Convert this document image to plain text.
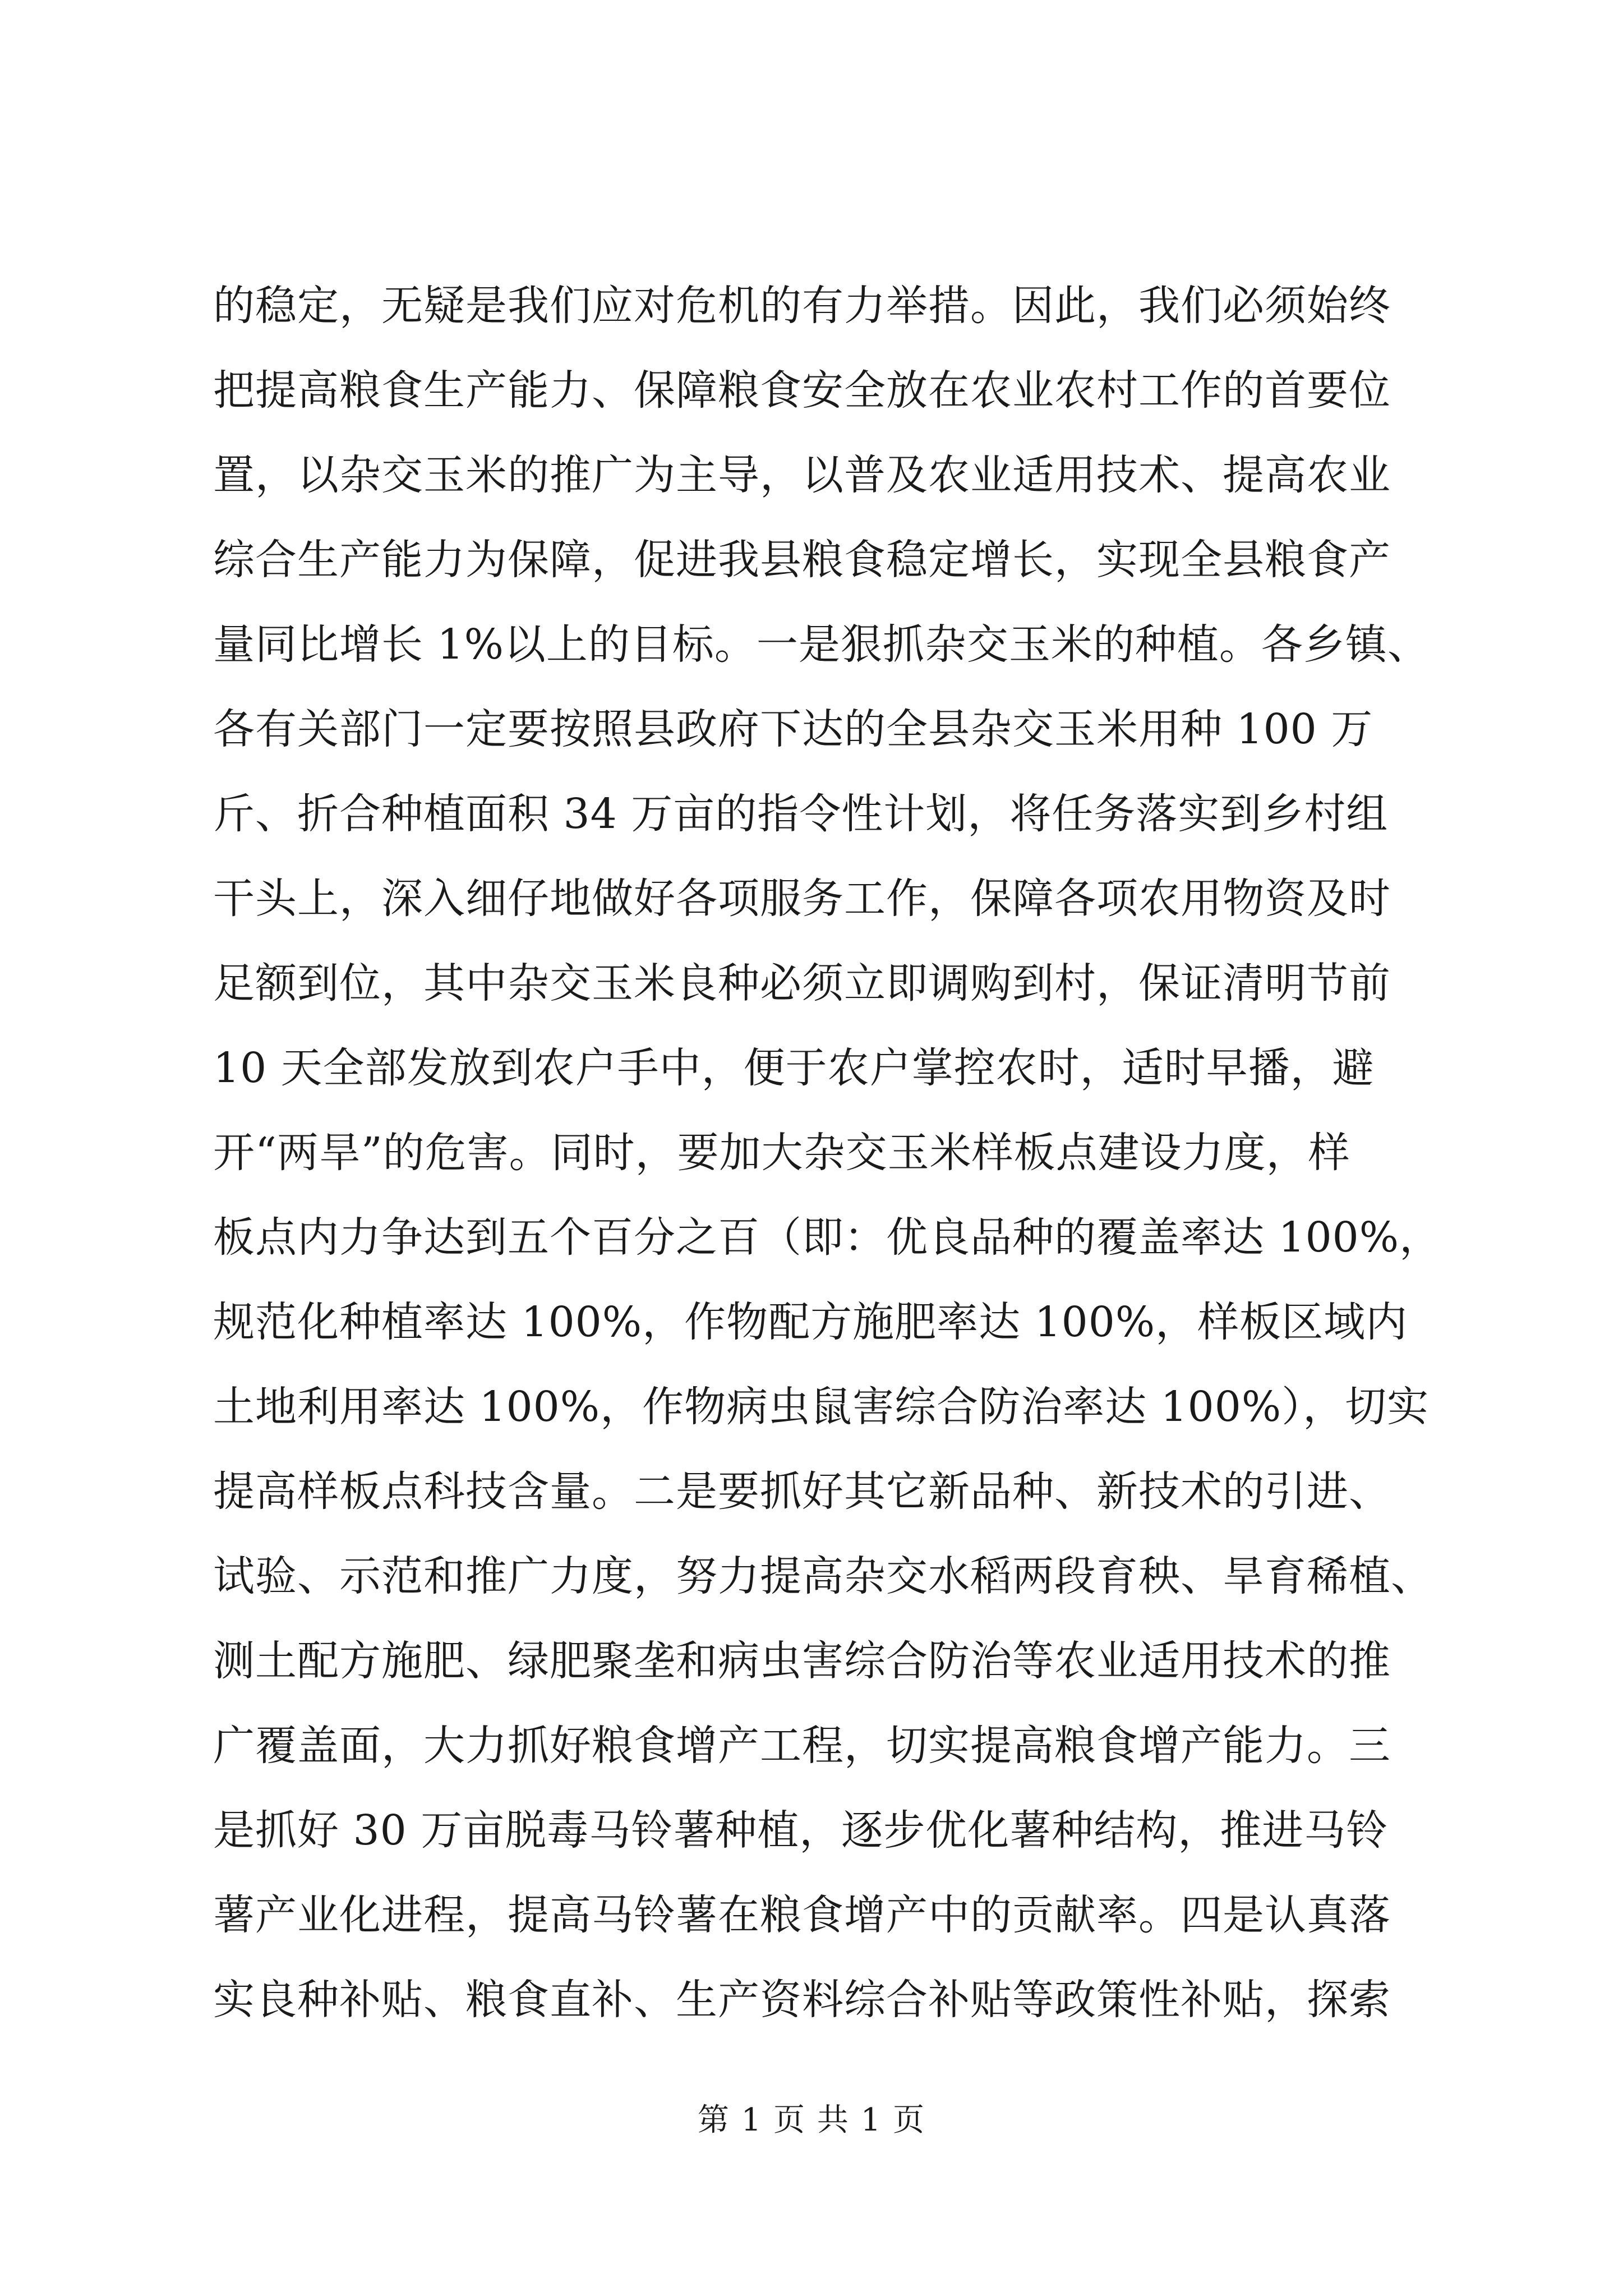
的稳定，无疑是我们应对危机的有力举措。因此，我们必须始终
把提高粮食生产能力、保障粮食安全放在农业农村工作的首要位
置，以杂交玉米的推广为主导，以普及农业适用技术、提高农业
综合生产能力为保障，促进我县粮食稳定增长，实现全县粮食产
量同比增长 1%以上的目标。一是狠抓杂交玉米的种植。各乡镇、
各有关部门一定要按照县政府下达的全县杂交玉米用种 100 万
斤、折合种植面积 34 万亩的指令性计划，将任务落实到乡村组
干头上，深入细仔地做好各项服务工作，保障各项农用物资及时
足额到位，其中杂交玉米良种必须立即调购到村，保证清明节前
10 天全部发放到农户手中，便于农户掌控农时，适时早播，避
开“两旱”的危害。同时，要加大杂交玉米样板点建设力度，样
板点内力争达到五个百分之百（即：优良品种的覆盖率达 100%，
规范化种植率达 100%，作物配方施肥率达 100%，样板区域内
土地利用率达 100%，作物病虫鼠害综合防治率达 100%），切实
提高样板点科技含量。二是要抓好其它新品种、新技术的引进、
试验、示范和推广力度，努力提高杂交水稻两段育秧、旱育稀植、
测土配方施肥、绿肥聚垄和病虫害综合防治等农业适用技术的推
广覆盖面，大力抓好粮食增产工程，切实提高粮食增产能力。三
是抓好 30 万亩脱毒马铃薯种植，逐步优化薯种结构，推进马铃
薯产业化进程，提高马铃薯在粮食增产中的贡献率。四是认真落
实良种补贴、粮食直补、生产资料综合补贴等政策性补贴，探索
第 1 页 共 1 页
